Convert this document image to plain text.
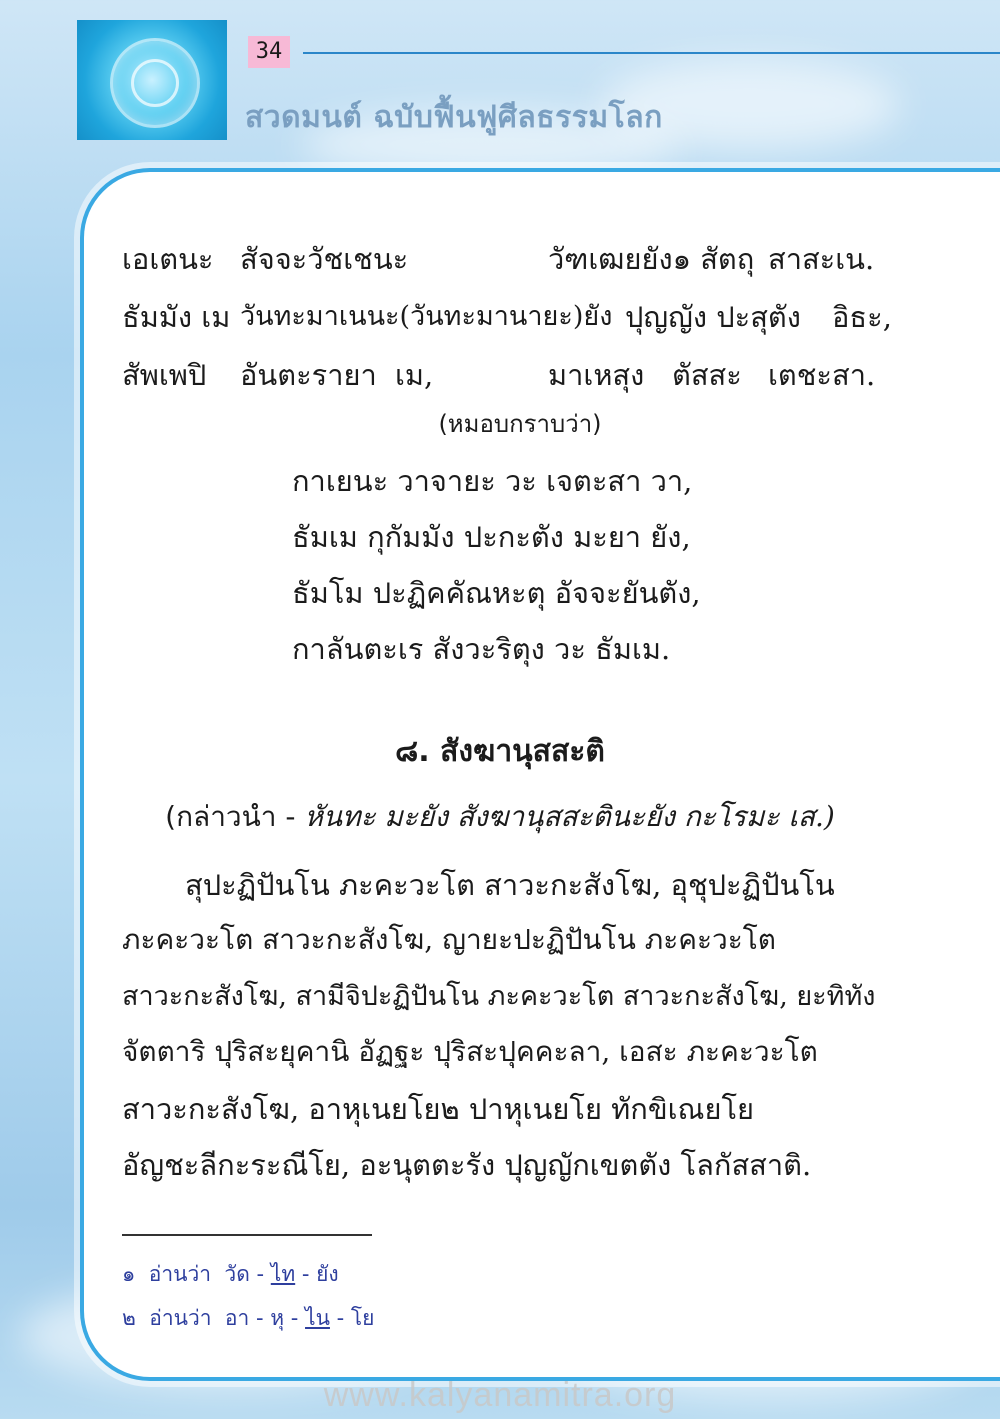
34
สวดมนต์ ฉบับฟื้นฟูศีลธรรมโลก
เอเตนะ สัจจะวัชเชนะ	วัฑเฒยยัง๑ สัตถุ สาสะเน.
ธัมมัง เม วันทะมาเนนะ(วันทะมานายะ)ยัง ปุญญัง ปะสุตัง อิธะ,
สัพเพปิ อันตะรายา เม,	มาเหสุง ตัสสะ เตชะสา.
(หมอบกราบว่า)
กาเยนะ วาจายะ วะ เจตะสา วา,
ธัมเม กุกัมมัง ปะกะตัง มะยา ยัง,
ธัมโม ปะฏิคคัณหะตุ อัจจะยันตัง,
กาลันตะเร สังวะริตุง วะ ธัมเม.
๘. สังฆานุสสะติ
(กล่าวนำ - หันทะ มะยัง สังฆานุสสะตินะยัง กะโรมะ เส.)
สุปะฏิปันโน ภะคะวะโต สาวะกะสังโฆ, อุชุปะฏิปันโน
ภะคะวะโต สาวะกะสังโฆ, ญายะปะฏิปันโน ภะคะวะโต
สาวะกะสังโฆ, สามีจิปะฏิปันโน ภะคะวะโต สาวะกะสังโฆ, ยะทิทัง
จัตตาริ ปุริสะยุคานิ อัฏฐะ ปุริสะปุคคะลา, เอสะ ภะคะวะโต
สาวะกะสังโฆ, อาหุเนยโย๒ ปาหุเนยโย ทักขิเณยโย
อัญชะลีกะระณีโย, อะนุตตะรัง ปุญญักเขตตัง โลกัสสาติ.
๑ อ่านว่า วัด - ไท - ยัง
๒ อ่านว่า อา - หุ - ไน - โย
www.kalyanamitra.org
